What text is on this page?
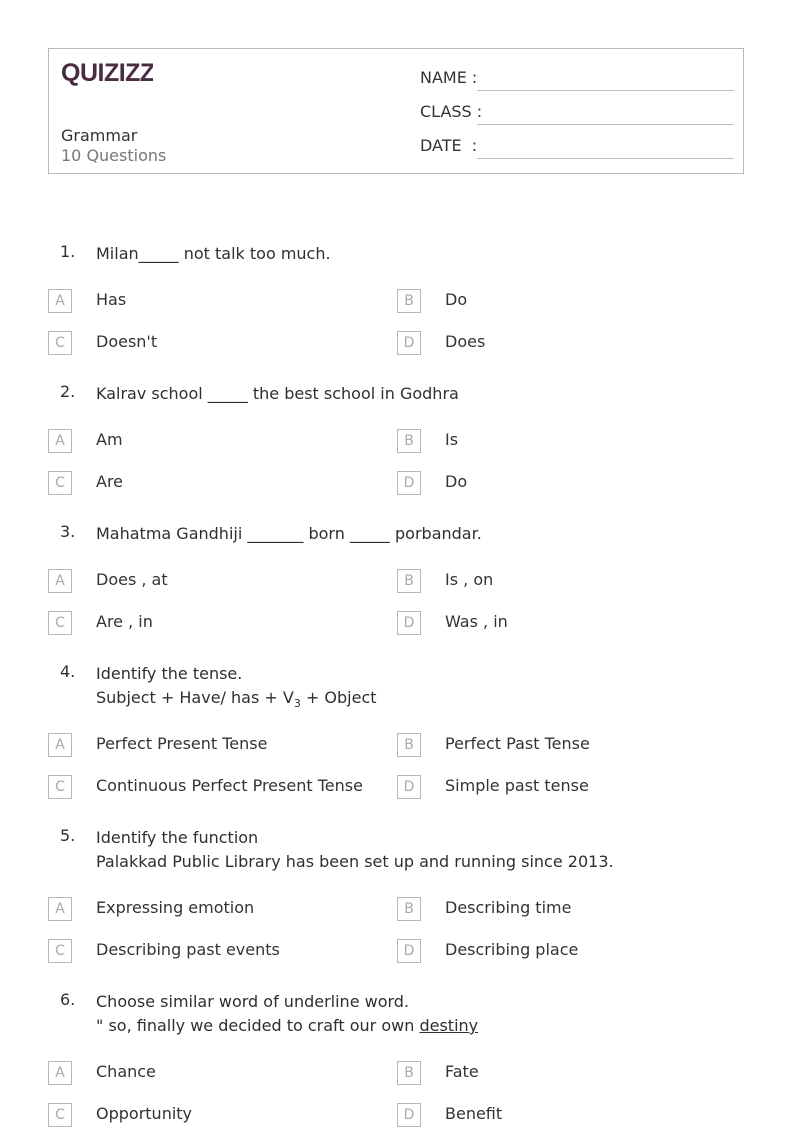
QUIZIZZ
Grammar
10 Questions
NAME :
CLASS :
DATE  :
1. Milan_____ not talk too much.
A	Has	B	Do
C	Doesn't	D	Does
2. Kalrav school _____ the best school in Godhra
A	Am	B	Is
C	Are	D	Do
3. Mahatma Gandhiji _______ born _____ porbandar.
A	Does , at	B	Is , on
C	Are , in	D	Was , in
4. Identify the tense.
Subject + Have/ has + $V_3$ + Object
A	Perfect Present Tense	B	Perfect Past Tense
C	Continuous Perfect Present Tense	D	Simple past tense
5. Identify the function
Palakkad Public Library has been set up and running since 2013.
A	Expressing emotion	B	Describing time
C	Describing past events	D	Describing place
6. Choose similar word of underline word.
" so, finally we decided to craft our own destiny
A	Chance	B	Fate
C	Opportunity	D	Benefit
